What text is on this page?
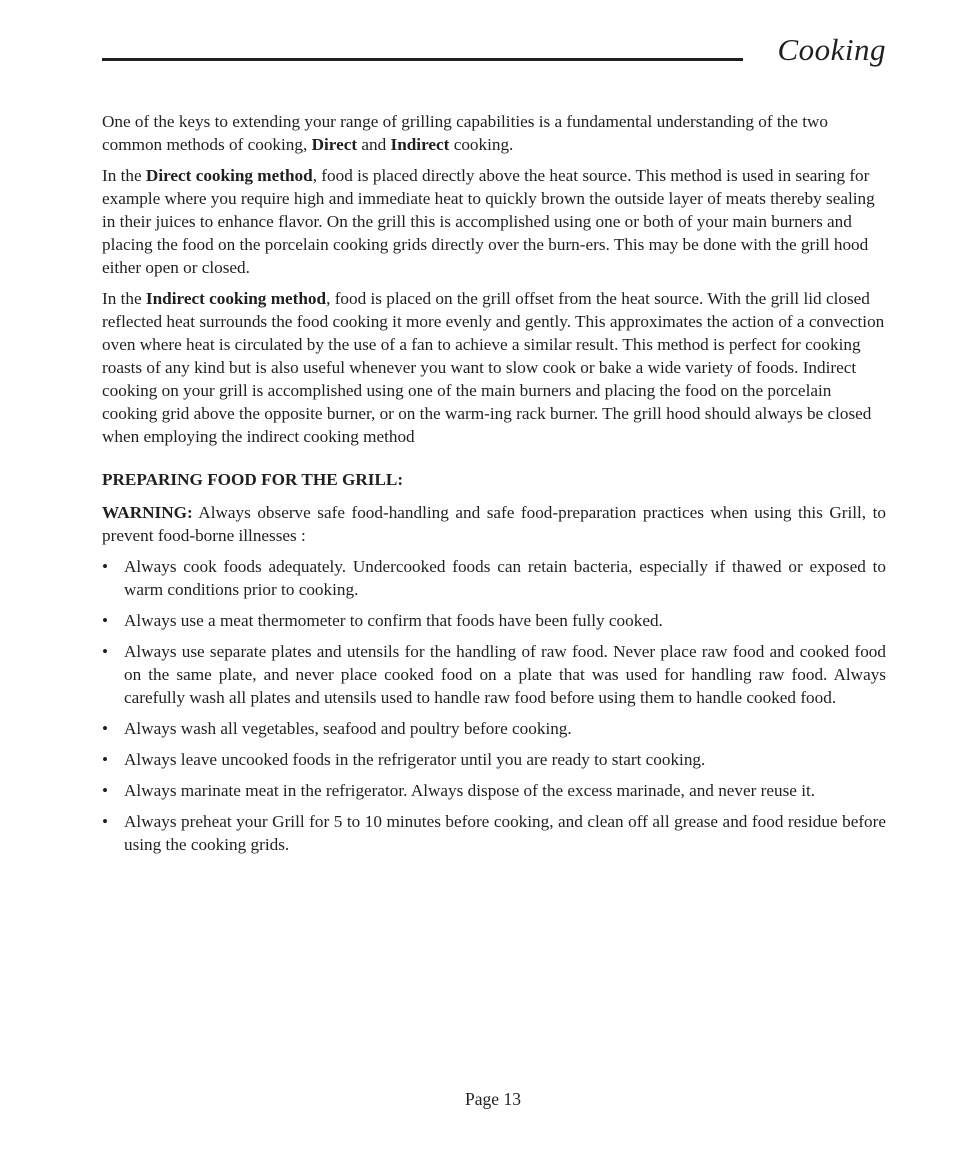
Cooking

One of the keys to extending your range of grilling capabilities is a fundamental understanding of the two common methods of cooking, Direct and Indirect cooking.

In the Direct cooking method, food is placed directly above the heat source. This method is used in searing for example where you require high and immediate heat to quickly brown the outside layer of meats thereby sealing in their juices to enhance flavor. On the grill this is accomplished using one or both of your main burners and placing the food on the porcelain cooking grids directly over the burn-ers. This may be done with the grill hood either open or closed.

In the Indirect cooking method, food is placed on the grill offset from the heat source. With the grill lid closed reflected heat surrounds the food cooking it more evenly and gently. This approximates the action of a convection oven where heat is circulated by the use of a fan to achieve a similar result. This method is perfect for cooking roasts of any kind but is also useful whenever you want to slow cook or bake a wide variety of foods. Indirect cooking on your grill is accomplished using one of the main burners and placing the food on the porcelain cooking grid above the opposite burner, or on the warm-ing rack burner. The grill hood should always be closed when employing the indirect cooking method

PREPARING FOOD FOR THE GRILL:

WARNING: Always observe safe food-handling and safe food-preparation practices when using this Grill, to prevent food-borne illnesses :

• Always cook foods adequately. Undercooked foods can retain bacteria, especially if thawed or exposed to warm conditions prior to cooking.
• Always use a meat thermometer to confirm that foods have been fully cooked.
• Always use separate plates and utensils for the handling of raw food. Never place raw food and cooked food on the same plate, and never place cooked food on a plate that was used for handling raw food. Always carefully wash all plates and utensils used to handle raw food before using them to handle cooked food.
• Always wash all vegetables, seafood and poultry before cooking.
• Always leave uncooked foods in the refrigerator until you are ready to start cooking.
• Always marinate meat in the refrigerator. Always dispose of the excess marinade, and never reuse it.
• Always preheat your Grill for 5 to 10 minutes before cooking, and clean off all grease and food residue before using the cooking grids.
Page 13
